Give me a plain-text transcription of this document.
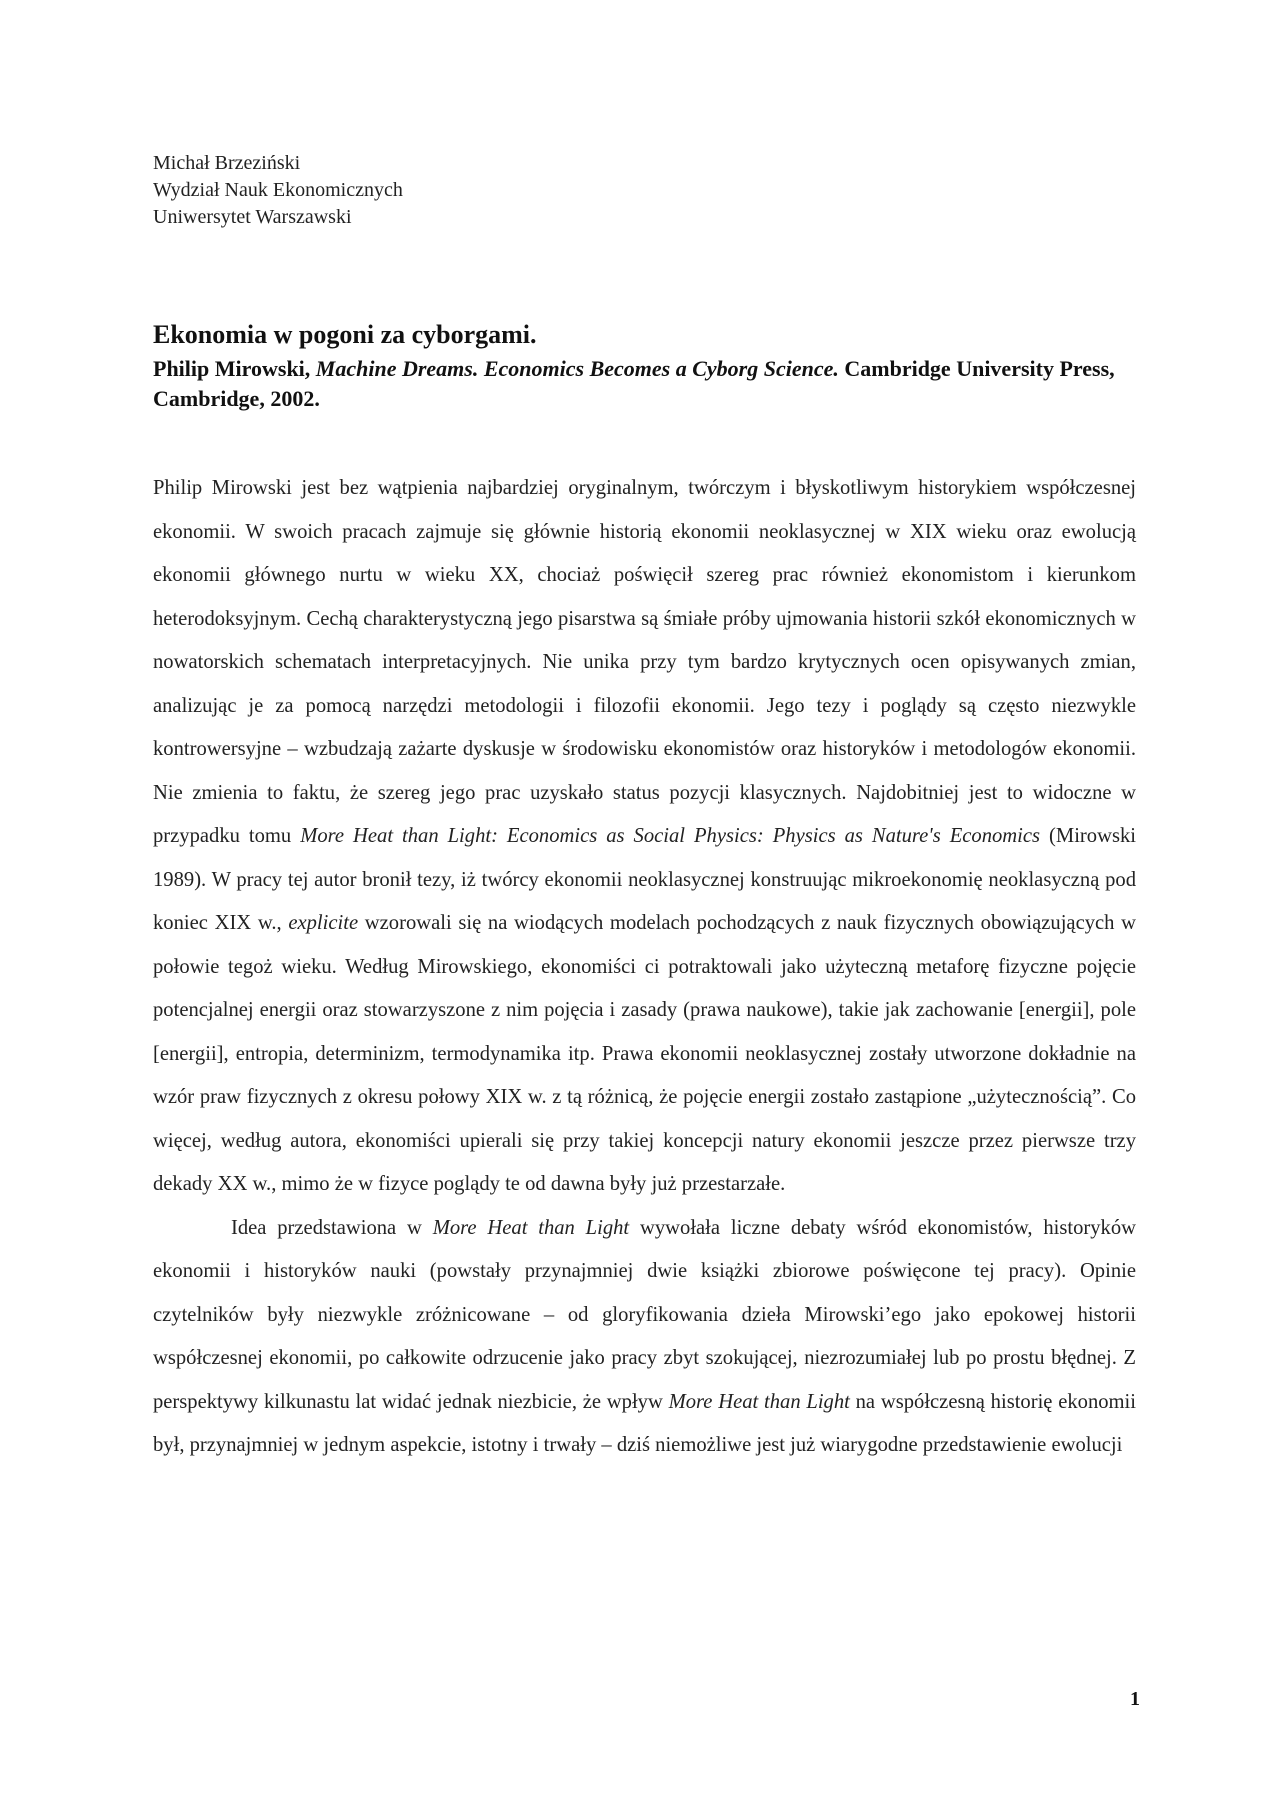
Michał Brzeziński
Wydział Nauk Ekonomicznych
Uniwersytet Warszawski
Ekonomia w pogoni za cyborgami.
Philip Mirowski, Machine Dreams. Economics Becomes a Cyborg Science. Cambridge University Press, Cambridge, 2002.

Philip Mirowski jest bez wątpienia najbardziej oryginalnym, twórczym i błyskotliwym historykiem współczesnej ekonomii. W swoich pracach zajmuje się głównie historią ekonomii neoklasycznej w XIX wieku oraz ewolucją ekonomii głównego nurtu w wieku XX, chociaż poświęcił szereg prac również ekonomistom i kierunkom heterodoksyjnym. Cechą charakterystyczną jego pisarstwa są śmiałe próby ujmowania historii szkół ekonomicznych w nowatorskich schematach interpretacyjnych. Nie unika przy tym bardzo krytycznych ocen opisywanych zmian, analizując je za pomocą narzędzi metodologii i filozofii ekonomii. Jego tezy i poglądy są często niezwykle kontrowersyjne – wzbudzają zażarte dyskusje w środowisku ekonomistów oraz historyków i metodologów ekonomii. Nie zmienia to faktu, że szereg jego prac uzyskało status pozycji klasycznych. Najdobitniej jest to widoczne w przypadku tomu More Heat than Light: Economics as Social Physics: Physics as Nature's Economics (Mirowski 1989). W pracy tej autor bronił tezy, iż twórcy ekonomii neoklasycznej konstruując mikroekonomię neoklasyczną pod koniec XIX w., explicite wzorowali się na wiodących modelach pochodzących z nauk fizycznych obowiązujących w połowie tegoż wieku. Według Mirowskiego, ekonomiści ci potraktowali jako użyteczną metaforę fizyczne pojęcie potencjalnej energii oraz stowarzyszone z nim pojęcia i zasady (prawa naukowe), takie jak zachowanie [energii], pole [energii], entropia, determinizm, termodynamika itp. Prawa ekonomii neoklasycznej zostały utworzone dokładnie na wzór praw fizycznych z okresu połowy XIX w. z tą różnicą, że pojęcie energii zostało zastąpione „użytecznością”. Co więcej, według autora, ekonomiści upierali się przy takiej koncepcji natury ekonomii jeszcze przez pierwsze trzy dekady XX w., mimo że w fizyce poglądy te od dawna były już przestarzałe.

Idea przedstawiona w More Heat than Light wywołała liczne debaty wśród ekonomistów, historyków ekonomii i historyków nauki (powstały przynajmniej dwie książki zbiorowe poświęcone tej pracy). Opinie czytelników były niezwykle zróżnicowane – od gloryfikowania dzieła Mirowski’ego jako epokowej historii współczesnej ekonomii, po całkowite odrzucenie jako pracy zbyt szokującej, niezrozumiałej lub po prostu błędnej. Z perspektywy kilkunastu lat widać jednak niezbicie, że wpływ More Heat than Light na współczesną historię ekonomii był, przynajmniej w jednym aspekcie, istotny i trwały – dziś niemożliwe jest już wiarygodne przedstawienie ewolucji

1
